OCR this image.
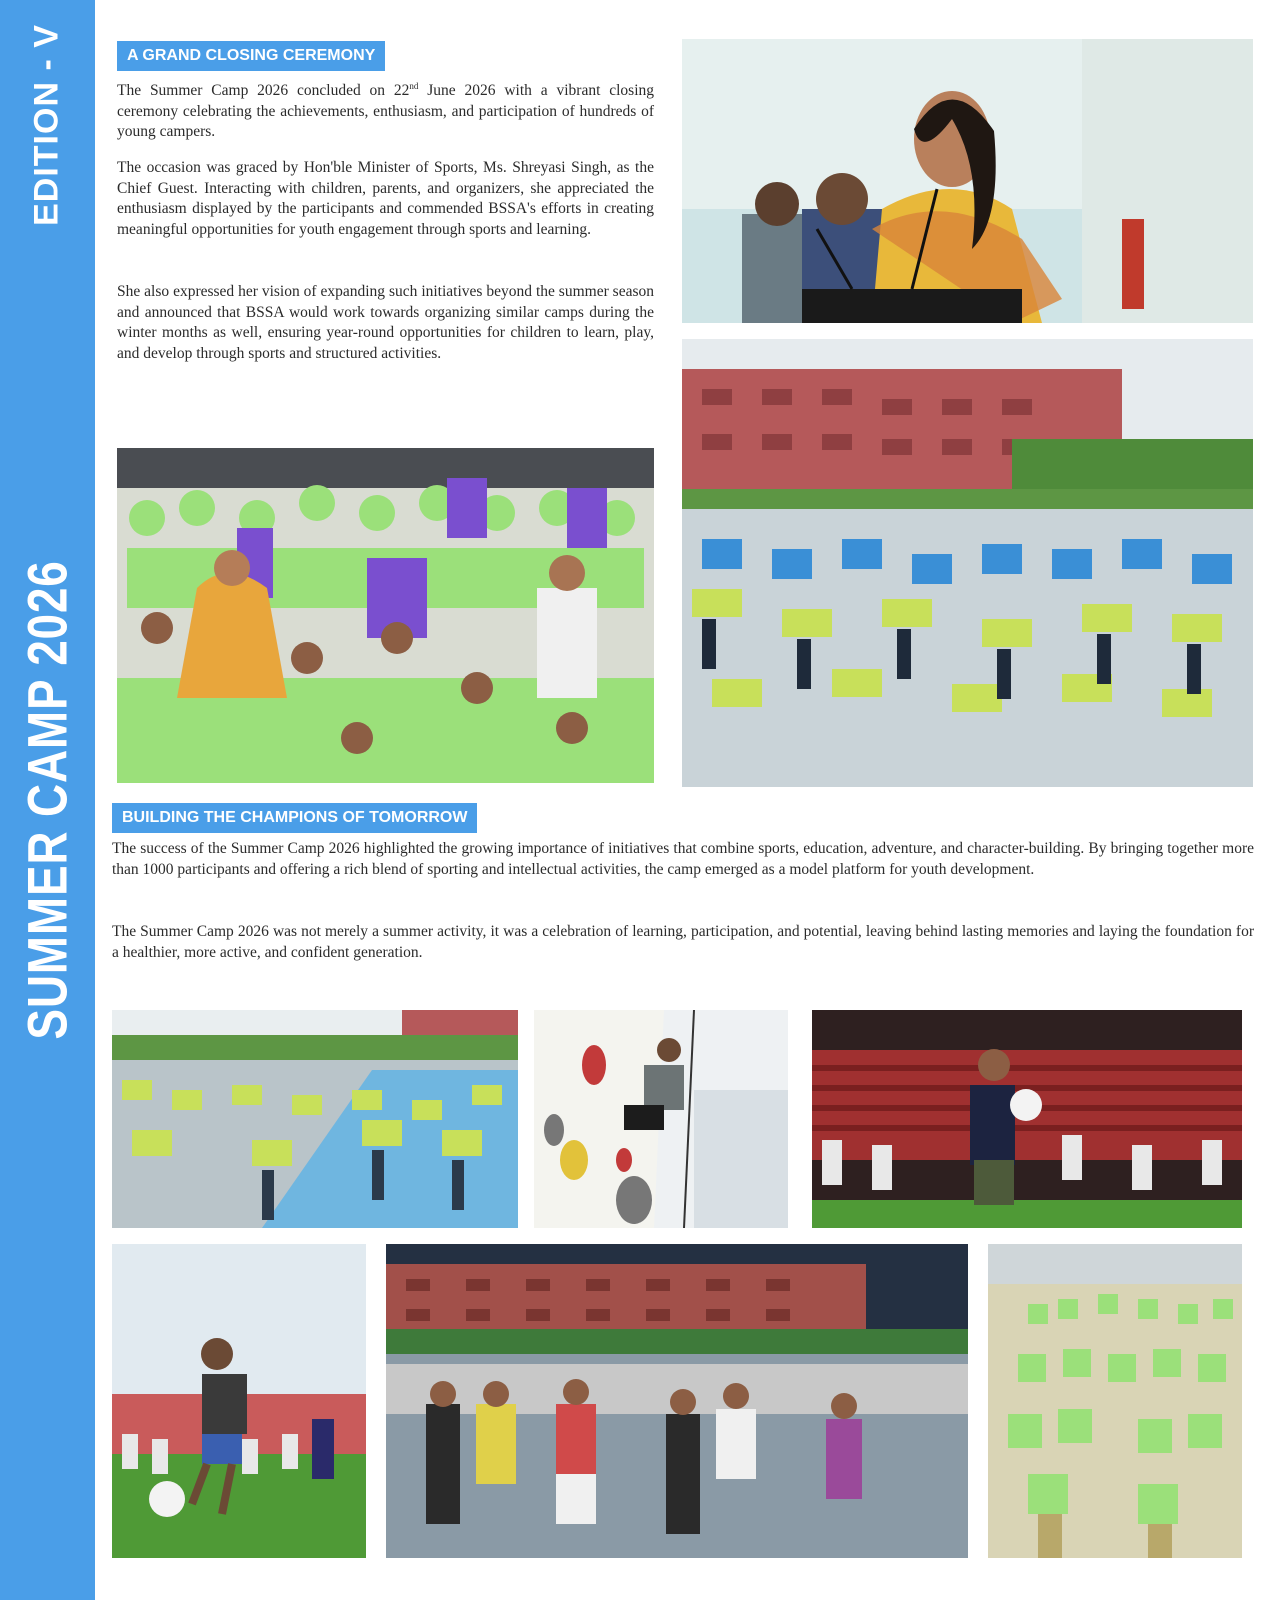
EDITION - V
SUMMER CAMP 2026
A GRAND CLOSING CEREMONY

The Summer Camp 2026 concluded on 22nd June 2026 with a vibrant closing ceremony celebrating the achievements, enthusiasm, and participation of hundreds of young campers.

The occasion was graced by Hon'ble Minister of Sports, Ms. Shreyasi Singh, as the Chief Guest. Interacting with children, parents, and organizers, she appreciated the enthusiasm displayed by the participants and commended BSSA's efforts in creating meaningful opportunities for youth engagement through sports and learning.

She also expressed her vision of expanding such initiatives beyond the summer season and announced that BSSA would work towards organizing similar camps during the winter months as well, ensuring year-round opportunities for children to learn, play, and develop through sports and structured activities.

BUILDING THE CHAMPIONS OF TOMORROW

The success of the Summer Camp 2026 highlighted the growing importance of initiatives that combine sports, education, adventure, and character-building. By bringing together more than 1000 participants and offering a rich blend of sporting and intellectual activities, the camp emerged as a model platform for youth development.

The Summer Camp 2026 was not merely a summer activity, it was a celebration of learning, participation, and potential, leaving behind lasting memories and laying the foundation for a healthier, more active, and confident generation.
